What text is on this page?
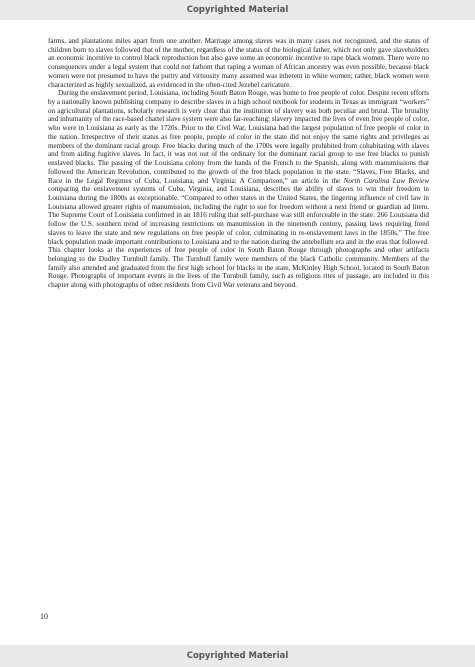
Copyrighted Material

farms, and plantations miles apart from one another. Marriage among slaves was in many cases not recognized, and the status of children born to slaves followed that of the mother, regardless of the status of the biological father, which not only gave slaveholders an economic incentive to control black reproduction but also gave some an economic incentive to rape black women. There were no consequences under a legal system that could not fathom that raping a woman of African ancestry was even possible, because black women were not presumed to have the purity and virtuosity many assumed was inherent in white women; rather, black women were characterized as highly sexualized, as evidenced in the often-cited Jezebel caricature.

During the enslavement period, Louisiana, including South Baton Rouge, was home to free people of color. Despite recent efforts by a nationally known publishing company to describe slaves in a high school textbook for students in Texas as immigrant “workers” on agricultural plantations, scholarly research is very clear that the institution of slavery was both peculiar and brutal. The brutality and inhumanity of the race-based chattel slave system were also far-reaching; slavery impacted the lives of even free people of color, who were in Louisiana as early as the 1720s. Prior to the Civil War, Louisiana had the largest population of free people of color in the nation. Irrespective of their status as free people, people of color in the state did not enjoy the same rights and privileges as members of the dominant racial group. Free blacks during much of the 1700s were legally prohibited from cohabitating with slaves and from aiding fugitive slaves. In fact, it was not out of the ordinary for the dominant racial group to use free blacks to punish enslaved blacks. The passing of the Louisiana colony from the hands of the French to the Spanish, along with manumissions that followed the American Revolution, contributed to the growth of the free black population in the state. “Slaves, Free Blacks, and Race in the Legal Regimes of Cuba, Louisiana, and Virginia: A Comparison,” an article in the North Carolina Law Review comparing the enslavement systems of Cuba, Virginia, and Louisiana, describes the ability of slaves to win their freedom in Louisiana during the 1800s as exceptionable. “Compared to other states in the United States, the lingering influence of civil law in Louisiana allowed greater rights of manumission, including the right to sue for freedom without a next friend or guardian ad litem. The Supreme Court of Louisiana confirmed in an 1816 ruling that self-purchase was still enforceable in the state. 266 Louisiana did follow the U.S. southern trend of increasing restrictions on manumission in the nineteenth century, passing laws requiring freed slaves to leave the state and new regulations on free people of color, culminating in re-enslavement laws in the 1850s.” The free black population made important contributions to Louisiana and to the nation during the antebellum era and in the eras that followed. This chapter looks at the experiences of free people of color in South Baton Rouge through photographs and other artifacts belonging to the Dudley Turnbull family. The Turnbull family were members of the black Catholic community. Members of the family also attended and graduated from the first high school for blacks in the state, McKinley High School, located in South Baton Rouge. Photographs of important events in the lives of the Turnbull family, such as religious rites of passage, are included in this chapter along with photographs of other residents from Civil War veterans and beyond.

10
Copyrighted Material
